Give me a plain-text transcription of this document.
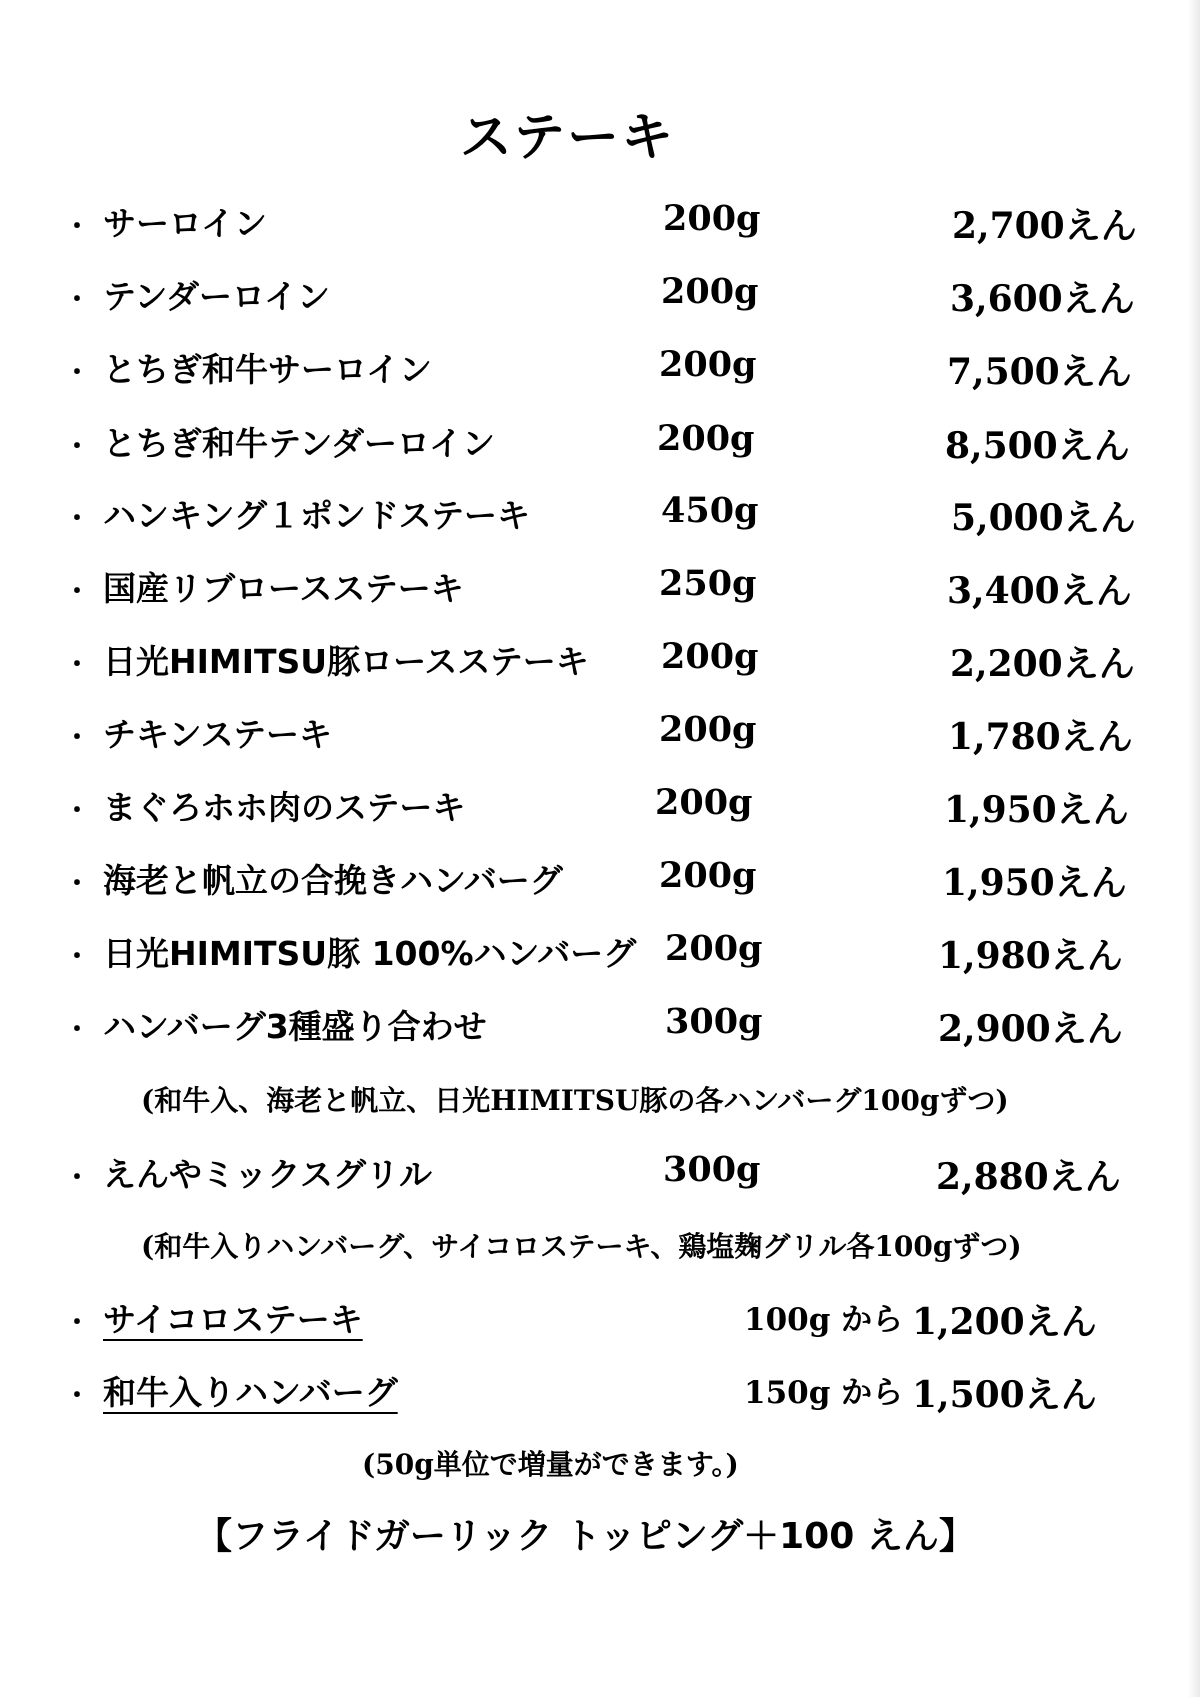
ステーキ
・ サーロイン	200g	2,700えん
・ テンダーロイン	200g	3,600えん
・ とちぎ和牛サーロイン	200g	7,500えん
・ とちぎ和牛テンダーロイン	200g	8,500えん
・ ハンキング１ポンドステーキ	450g	5,000えん
・ 国産リブロースステーキ	250g	3,400えん
・ 日光HIMITSU豚ロースステーキ 200g	2,200えん
・ チキンステーキ	200g	1,780えん
・ まぐろホホ肉のステーキ	200g	1,950えん
・ 海老と帆立の合挽きハンバーグ	200g	1,950えん
・ 日光HIMITSU豚 100%ハンバーグ 200g	1,980えん
・ ハンバーグ3種盛り合わせ	300g	2,900えん
(和牛入、海老と帆立、日光HIMITSU豚の各ハンバーグ100gずつ)
・ えんやミックスグリル	300g	2,880えん
(和牛入りハンバーグ、サイコロステーキ、鶏塩麹グリル各100gずつ)
・ サイコロステーキ	100g から 1,200えん
・ 和牛入りハンバーグ	150g から 1,500えん
(50g単位で増量ができます。)
【フライドガーリック トッピング＋100 えん】
